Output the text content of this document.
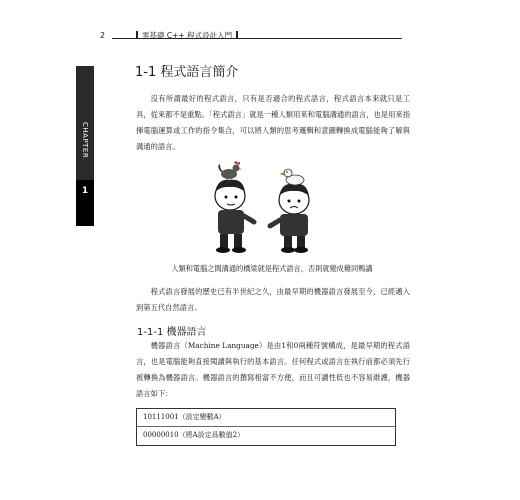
2	零基礎 C++ 程式設計入門
CHAPTER
1
1-1 程式語言簡介

沒有所謂最好的程式語言，只有是否適合的程式語言，程式語言本來就只是工具，從來都不是重點。「程式語言」就是一種人類用來和電腦溝通的語言，也是用來指揮電腦運算或工作的指令集合，可以將人類的思考邏輯和意圖轉換成電腦能夠了解與溝通的語言。

人類和電腦之間溝通的橋梁就是程式語言，否則就變成雞同鴨講

程式語言發展的歷史已有半世紀之久，由最早期的機器語言發展至今，已經邁入到第五代自然語言。

1-1-1 機器語言

機器語言（Machine Language）是由1和0兩種符號構成，是最早期的程式語言，也是電腦能夠直接閱讀與執行的基本語言。任何程式或語言在執行前都必須先行被轉換為機器語言。機器語言的撰寫相當不方便，而且可讀性低也不容易維護，機器語言如下：

10111001（設定變數A）
00000010（將A設定爲數值2）
